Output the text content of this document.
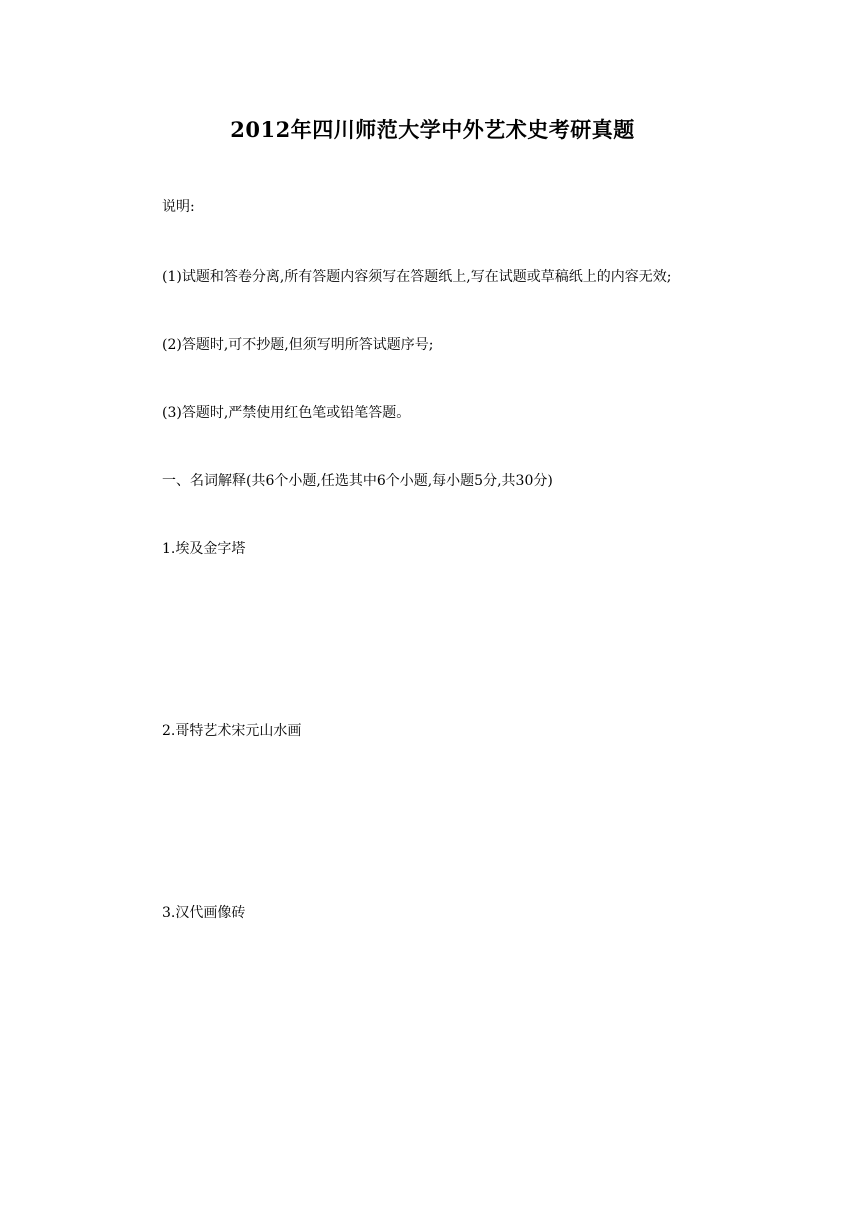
2012年四川师范大学中外艺术史考研真题
说明:
(1)试题和答卷分离,所有答题内容须写在答题纸上,写在试题或草稿纸上的内容无效;
(2)答题时,可不抄题,但须写明所答试题序号;
(3)答题时,严禁使用红色笔或铅笔答题。
一、名词解释(共6个小题,任选其中6个小题,每小题5分,共30分)
1.埃及金字塔
2.哥特艺术宋元山水画
3.汉代画像砖
